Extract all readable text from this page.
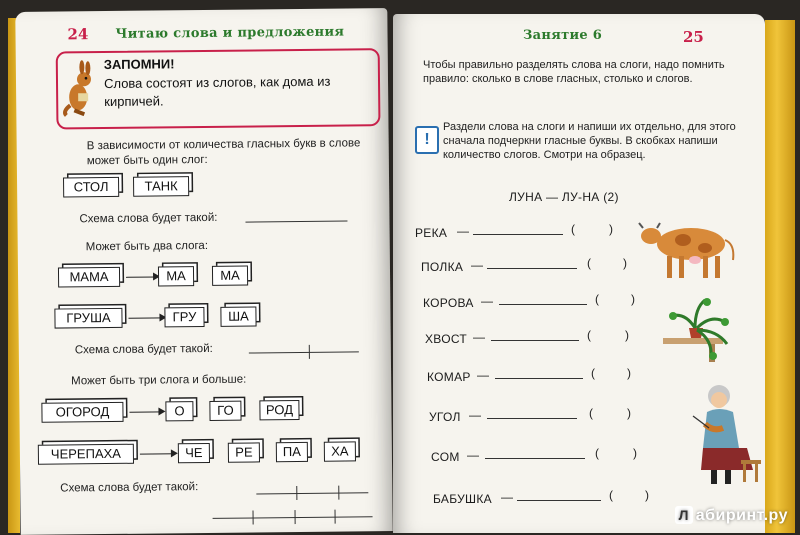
24 Читаю слова и предложения
ЗАПОМНИ!
Слова состоят из слогов, как дома из кирпичей.
В зависимости от количества гласных букв в слове может быть один слог:
СТОЛ	ТАНК
Схема слова будет такой:
Может быть два слога:
МАМА	МА	МА
ГРУША	ГРУ	ША
Схема слова будет такой:
Может быть три слога и больше:
ОГОРОД	О	ГО	РОД
ЧЕРЕПАХА	ЧЕ	РЕ	ПА	ХА
Схема слова будет такой:
Занятие 6	25
Чтобы правильно разделять слова на слоги, надо помнить правило: сколько в слове гласных, столько и слогов.
!
Раздели слова на слоги и напиши их отдельно, для этого сначала подчеркни гласные буквы. В скобках напиши количество слогов. Смотри на образец.
ЛУНА — ЛУ-НА (2)
РЕКА —	(	)
ПОЛКА —	(	)
КОРОВА —	(	)
ХВОСТ —	(	)
КОМАР —	(	)
УГОЛ —	(	)
СОМ —	(	)
БАБУШКА —	(	)
Л абиринт.ру
